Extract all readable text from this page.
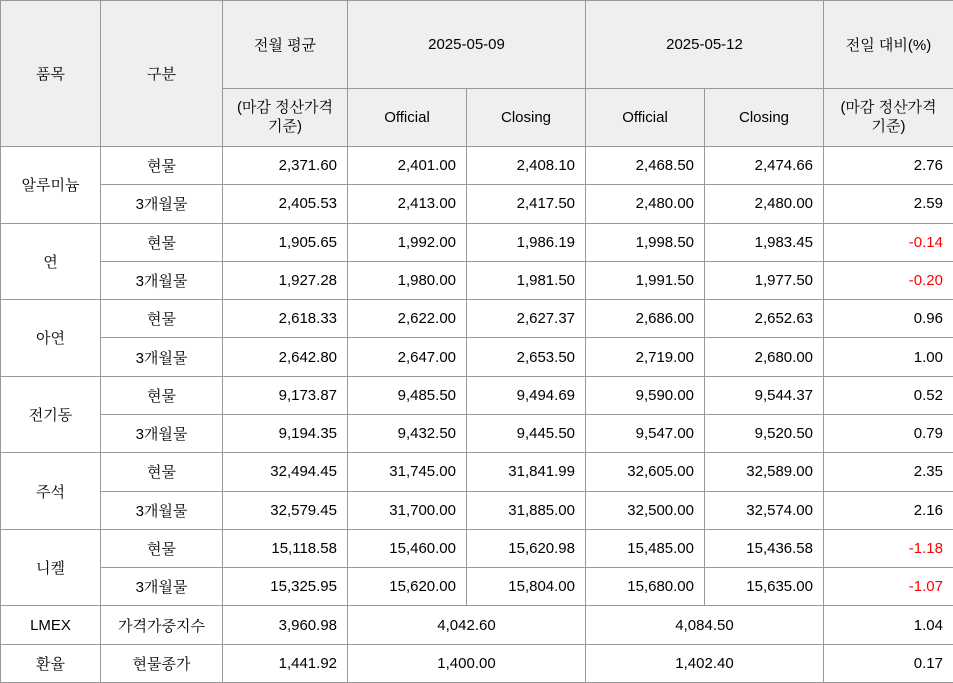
품목	구분	전월 평균	2025-05-09		2025-05-12		전일 대비(%)
		(마감 정산가격 기준)	Official	Closing	Official	Closing	(마감 정산가격 기준)
알루미늄	현물	2,371.60	2,401.00	2,408.10	2,468.50	2,474.66	2.76
	3개월물	2,405.53	2,413.00	2,417.50	2,480.00	2,480.00	2.59
연	현물	1,905.65	1,992.00	1,986.19	1,998.50	1,983.45	-0.14
	3개월물	1,927.28	1,980.00	1,981.50	1,991.50	1,977.50	-0.20
아연	현물	2,618.33	2,622.00	2,627.37	2,686.00	2,652.63	0.96
	3개월물	2,642.80	2,647.00	2,653.50	2,719.00	2,680.00	1.00
전기동	현물	9,173.87	9,485.50	9,494.69	9,590.00	9,544.37	0.52
	3개월물	9,194.35	9,432.50	9,445.50	9,547.00	9,520.50	0.79
주석	현물	32,494.45	31,745.00	31,841.99	32,605.00	32,589.00	2.35
	3개월물	32,579.45	31,700.00	31,885.00	32,500.00	32,574.00	2.16
니켈	현물	15,118.58	15,460.00	15,620.98	15,485.00	15,436.58	-1.18
	3개월물	15,325.95	15,620.00	15,804.00	15,680.00	15,635.00	-1.07
LMEX	가격가중지수	3,960.98	4,042.60		4,084.50		1.04
환율	현물종가	1,441.92	1,400.00		1,402.40		0.17
